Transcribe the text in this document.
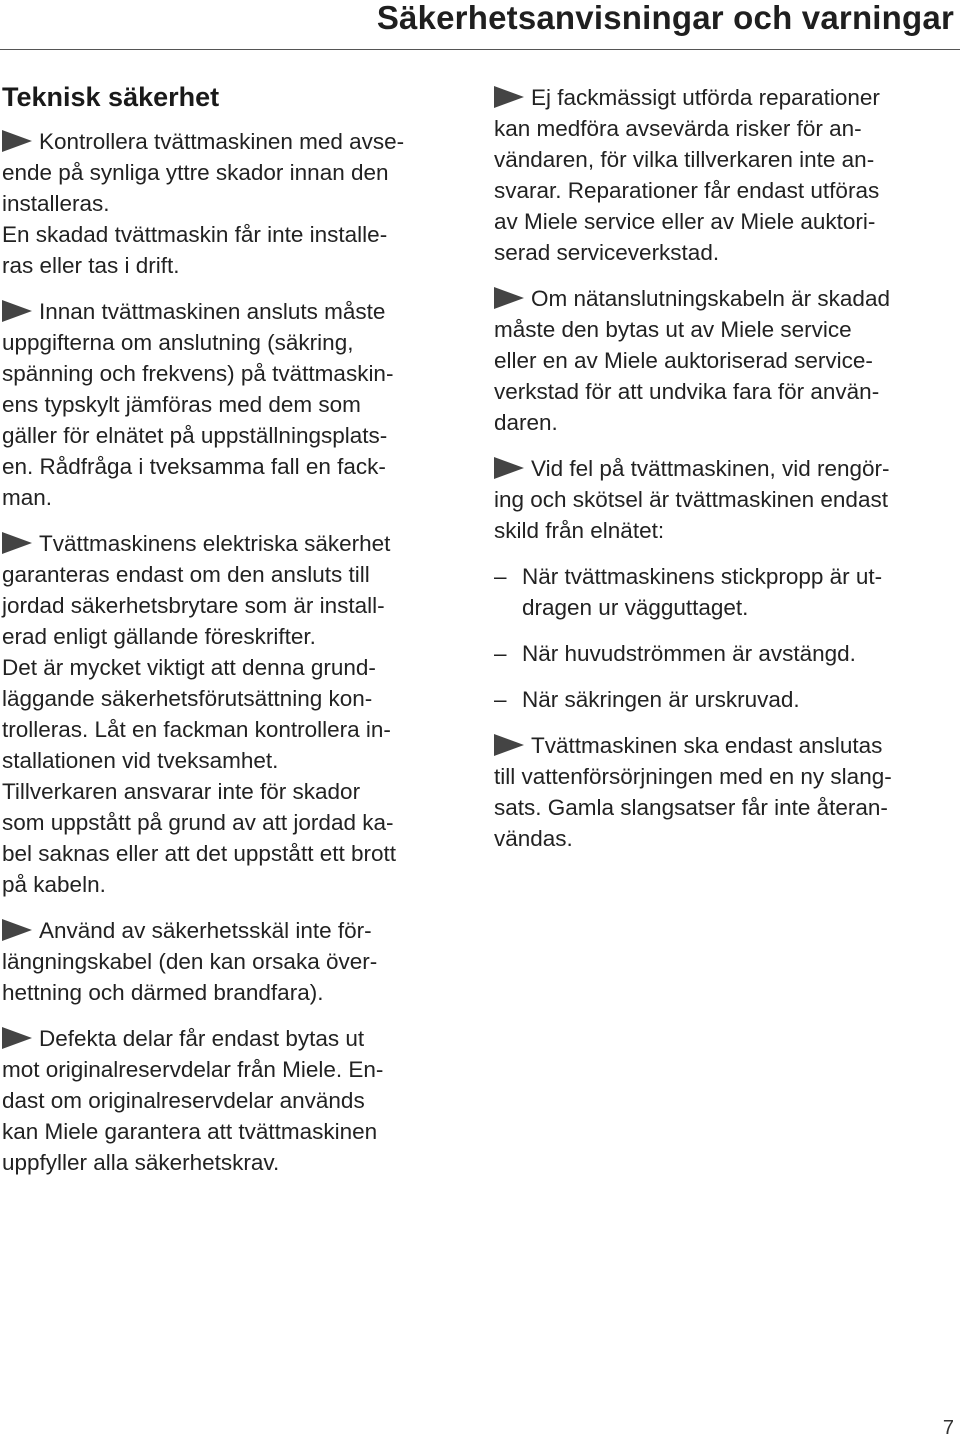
Säkerhetsanvisningar och varningar
Teknisk säkerhet

Kontrollera tvättmaskinen med avse-
ende på synliga yttre skador innan den
installeras.

En skadad tvättmaskin får inte installe-
ras eller tas i drift.

Innan tvättmaskinen ansluts måste
uppgifterna om anslutning (säkring,
spänning och frekvens) på tvättmaskin-
ens typskylt jämföras med dem som
gäller för elnätet på uppställningsplats-
en. Rådfråga i tveksamma fall en fack-
man.

Tvättmaskinens elektriska säkerhet
garanteras endast om den ansluts till
jordad säkerhetsbrytare som är install-
erad enligt gällande föreskrifter.

Det är mycket viktigt att denna grund-
läggande säkerhetsförutsättning kon-
trolleras. Låt en fackman kontrollera in-
stallationen vid tveksamhet.

Tillverkaren ansvarar inte för skador
som uppstått på grund av att jordad ka-
bel saknas eller att det uppstått ett brott
på kabeln.

Använd av säkerhetsskäl inte för-
längningskabel (den kan orsaka över-
hettning och därmed brandfara).

Defekta delar får endast bytas ut
mot originalreservdelar från Miele. En-
dast om originalreservdelar används
kan Miele garantera att tvättmaskinen
uppfyller alla säkerhetskrav.

Ej fackmässigt utförda reparationer
kan medföra avsevärda risker för an-
vändaren, för vilka tillverkaren inte an-
svarar. Reparationer får endast utföras
av Miele service eller av Miele auktori-
serad serviceverkstad.

Om nätanslutningskabeln är skadad
måste den bytas ut av Miele service
eller en av Miele auktoriserad service-
verkstad för att undvika fara för använ-
daren.

Vid fel på tvättmaskinen, vid rengör-
ing och skötsel är tvättmaskinen endast
skild från elnätet:

– När tvättmaskinens stickpropp är ut-
dragen ur vägguttaget.
– När huvudströmmen är avstängd.
– När säkringen är urskruvad.

Tvättmaskinen ska endast anslutas
till vattenförsörjningen med en ny slang-
sats. Gamla slangsatser får inte återan-
vändas.

7
